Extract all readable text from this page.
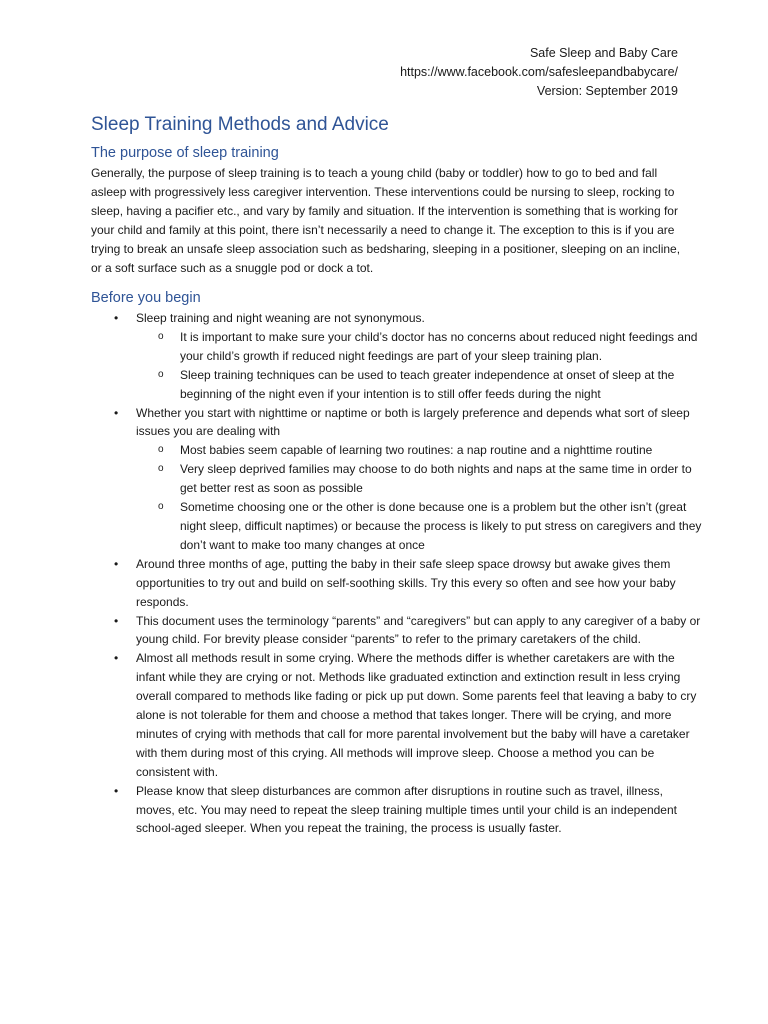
Safe Sleep and Baby Care
https://www.facebook.com/safesleepandbabycare/
Version: September 2019
Sleep Training Methods and Advice
The purpose of sleep training

Generally, the purpose of sleep training is to teach a young child (baby or toddler) how to go to bed and fall asleep with progressively less caregiver intervention. These interventions could be nursing to sleep, rocking to sleep, having a pacifier etc., and vary by family and situation. If the intervention is something that is working for your child and family at this point, there isn’t necessarily a need to change it. The exception to this is if you are trying to break an unsafe sleep association such as bedsharing, sleeping in a positioner, sleeping on an incline, or a soft surface such as a snuggle pod or dock a tot.

Before you begin
• Sleep training and night weaning are not synonymous.
o It is important to make sure your child’s doctor has no concerns about reduced night feedings and your child’s growth if reduced night feedings are part of your sleep training plan.
o Sleep training techniques can be used to teach greater independence at onset of sleep at the beginning of the night even if your intention is to still offer feeds during the night
• Whether you start with nighttime or naptime or both is largely preference and depends what sort of sleep issues you are dealing with
o Most babies seem capable of learning two routines: a nap routine and a nighttime routine
o Very sleep deprived families may choose to do both nights and naps at the same time in order to get better rest as soon as possible
o Sometime choosing one or the other is done because one is a problem but the other isn’t (great night sleep, difficult naptimes) or because the process is likely to put stress on caregivers and they don’t want to make too many changes at once
• Around three months of age, putting the baby in their safe sleep space drowsy but awake gives them opportunities to try out and build on self-soothing skills. Try this every so often and see how your baby responds.
• This document uses the terminology “parents” and “caregivers” but can apply to any caregiver of a baby or young child. For brevity please consider “parents” to refer to the primary caretakers of the child.
• Almost all methods result in some crying. Where the methods differ is whether caretakers are with the infant while they are crying or not. Methods like graduated extinction and extinction result in less crying overall compared to methods like fading or pick up put down. Some parents feel that leaving a baby to cry alone is not tolerable for them and choose a method that takes longer. There will be crying, and more minutes of crying with methods that call for more parental involvement but the baby will have a caretaker with them during most of this crying. All methods will improve sleep. Choose a method you can be consistent with.
• Please know that sleep disturbances are common after disruptions in routine such as travel, illness, moves, etc. You may need to repeat the sleep training multiple times until your child is an independent school-aged sleeper. When you repeat the training, the process is usually faster.
